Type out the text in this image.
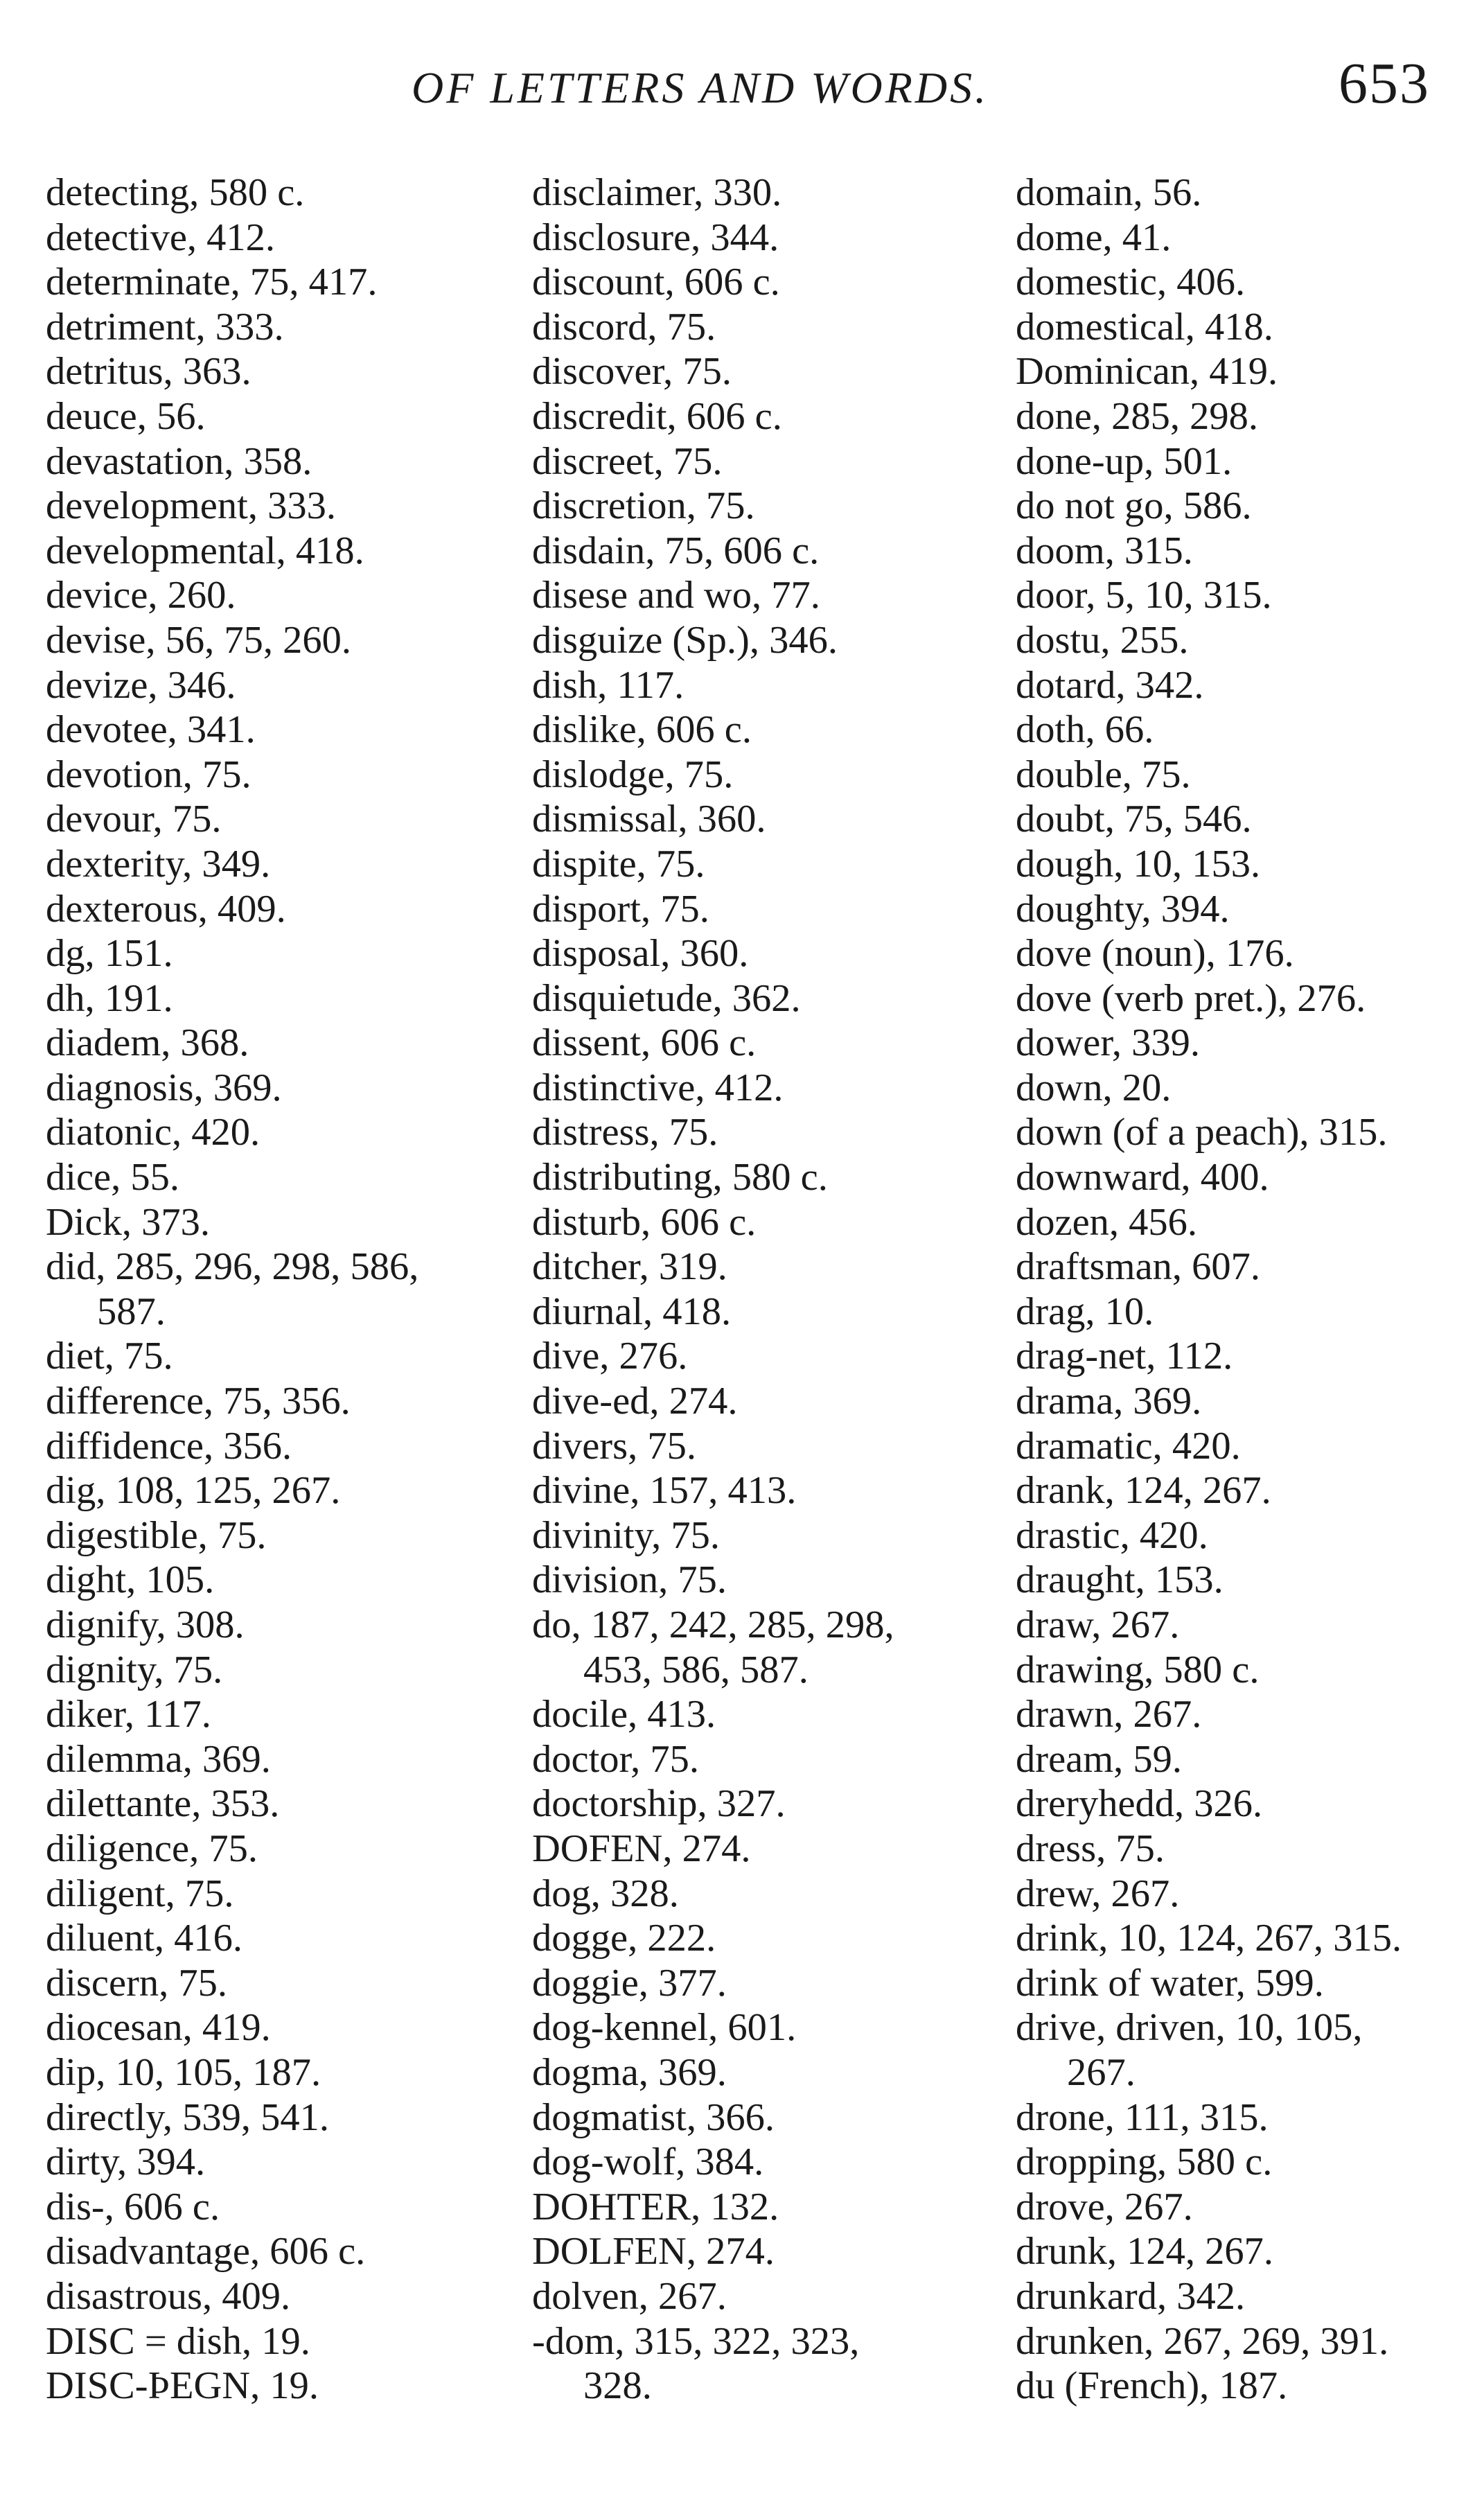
OF LETTERS AND WORDS.	653
detecting, 580 c.
detective, 412.
determinate, 75, 417.
detriment, 333.
detritus, 363.
deuce, 56.
devastation, 358.
development, 333.
developmental, 418.
device, 260.
devise, 56, 75, 260.
devize, 346.
devotee, 341.
devotion, 75.
devour, 75.
dexterity, 349.
dexterous, 409.
dg, 151.
dh, 191.
diadem, 368.
diagnosis, 369.
diatonic, 420.
dice, 55.
Dick, 373.
did, 285, 296, 298, 586,
587.
diet, 75.
difference, 75, 356.
diffidence, 356.
dig, 108, 125, 267.
digestible, 75.
dight, 105.
dignify, 308.
dignity, 75.
diker, 117.
dilemma, 369.
dilettante, 353.
diligence, 75.
diligent, 75.
diluent, 416.
discern, 75.
diocesan, 419.
dip, 10, 105, 187.
directly, 539, 541.
dirty, 394.
dis-, 606 c.
disadvantage, 606 c.
disastrous, 409.
DISC = dish, 19.
DISC-ÞEGN, 19.
disclaimer, 330.
disclosure, 344.
discount, 606 c.
discord, 75.
discover, 75.
discredit, 606 c.
discreet, 75.
discretion, 75.
disdain, 75, 606 c.
disese and wo, 77.
disguize (Sp.), 346.
dish, 117.
dislike, 606 c.
dislodge, 75.
dismissal, 360.
dispite, 75.
disport, 75.
disposal, 360.
disquietude, 362.
dissent, 606 c.
distinctive, 412.
distress, 75.
distributing, 580 c.
disturb, 606 c.
ditcher, 319.
diurnal, 418.
dive, 276.
dive-ed, 274.
divers, 75.
divine, 157, 413.
divinity, 75.
division, 75.
do, 187, 242, 285, 298,
453, 586, 587.
docile, 413.
doctor, 75.
doctorship, 327.
DOFEN, 274.
dog, 328.
dogge, 222.
doggie, 377.
dog-kennel, 601.
dogma, 369.
dogmatist, 366.
dog-wolf, 384.
DOHTER, 132.
DOLFEN, 274.
dolven, 267.
-dom, 315, 322, 323,
328.
domain, 56.
dome, 41.
domestic, 406.
domestical, 418.
Dominican, 419.
done, 285, 298.
done-up, 501.
do not go, 586.
doom, 315.
door, 5, 10, 315.
dostu, 255.
dotard, 342.
doth, 66.
double, 75.
doubt, 75, 546.
dough, 10, 153.
doughty, 394.
dove (noun), 176.
dove (verb pret.), 276.
dower, 339.
down, 20.
down (of a peach), 315.
downward, 400.
dozen, 456.
draftsman, 607.
drag, 10.
drag-net, 112.
drama, 369.
dramatic, 420.
drank, 124, 267.
drastic, 420.
draught, 153.
draw, 267.
drawing, 580 c.
drawn, 267.
dream, 59.
dreryhedd, 326.
dress, 75.
drew, 267.
drink, 10, 124, 267, 315.
drink of water, 599.
drive, driven, 10, 105,
267.
drone, 111, 315.
dropping, 580 c.
drove, 267.
drunk, 124, 267.
drunkard, 342.
drunken, 267, 269, 391.
du (French), 187.
